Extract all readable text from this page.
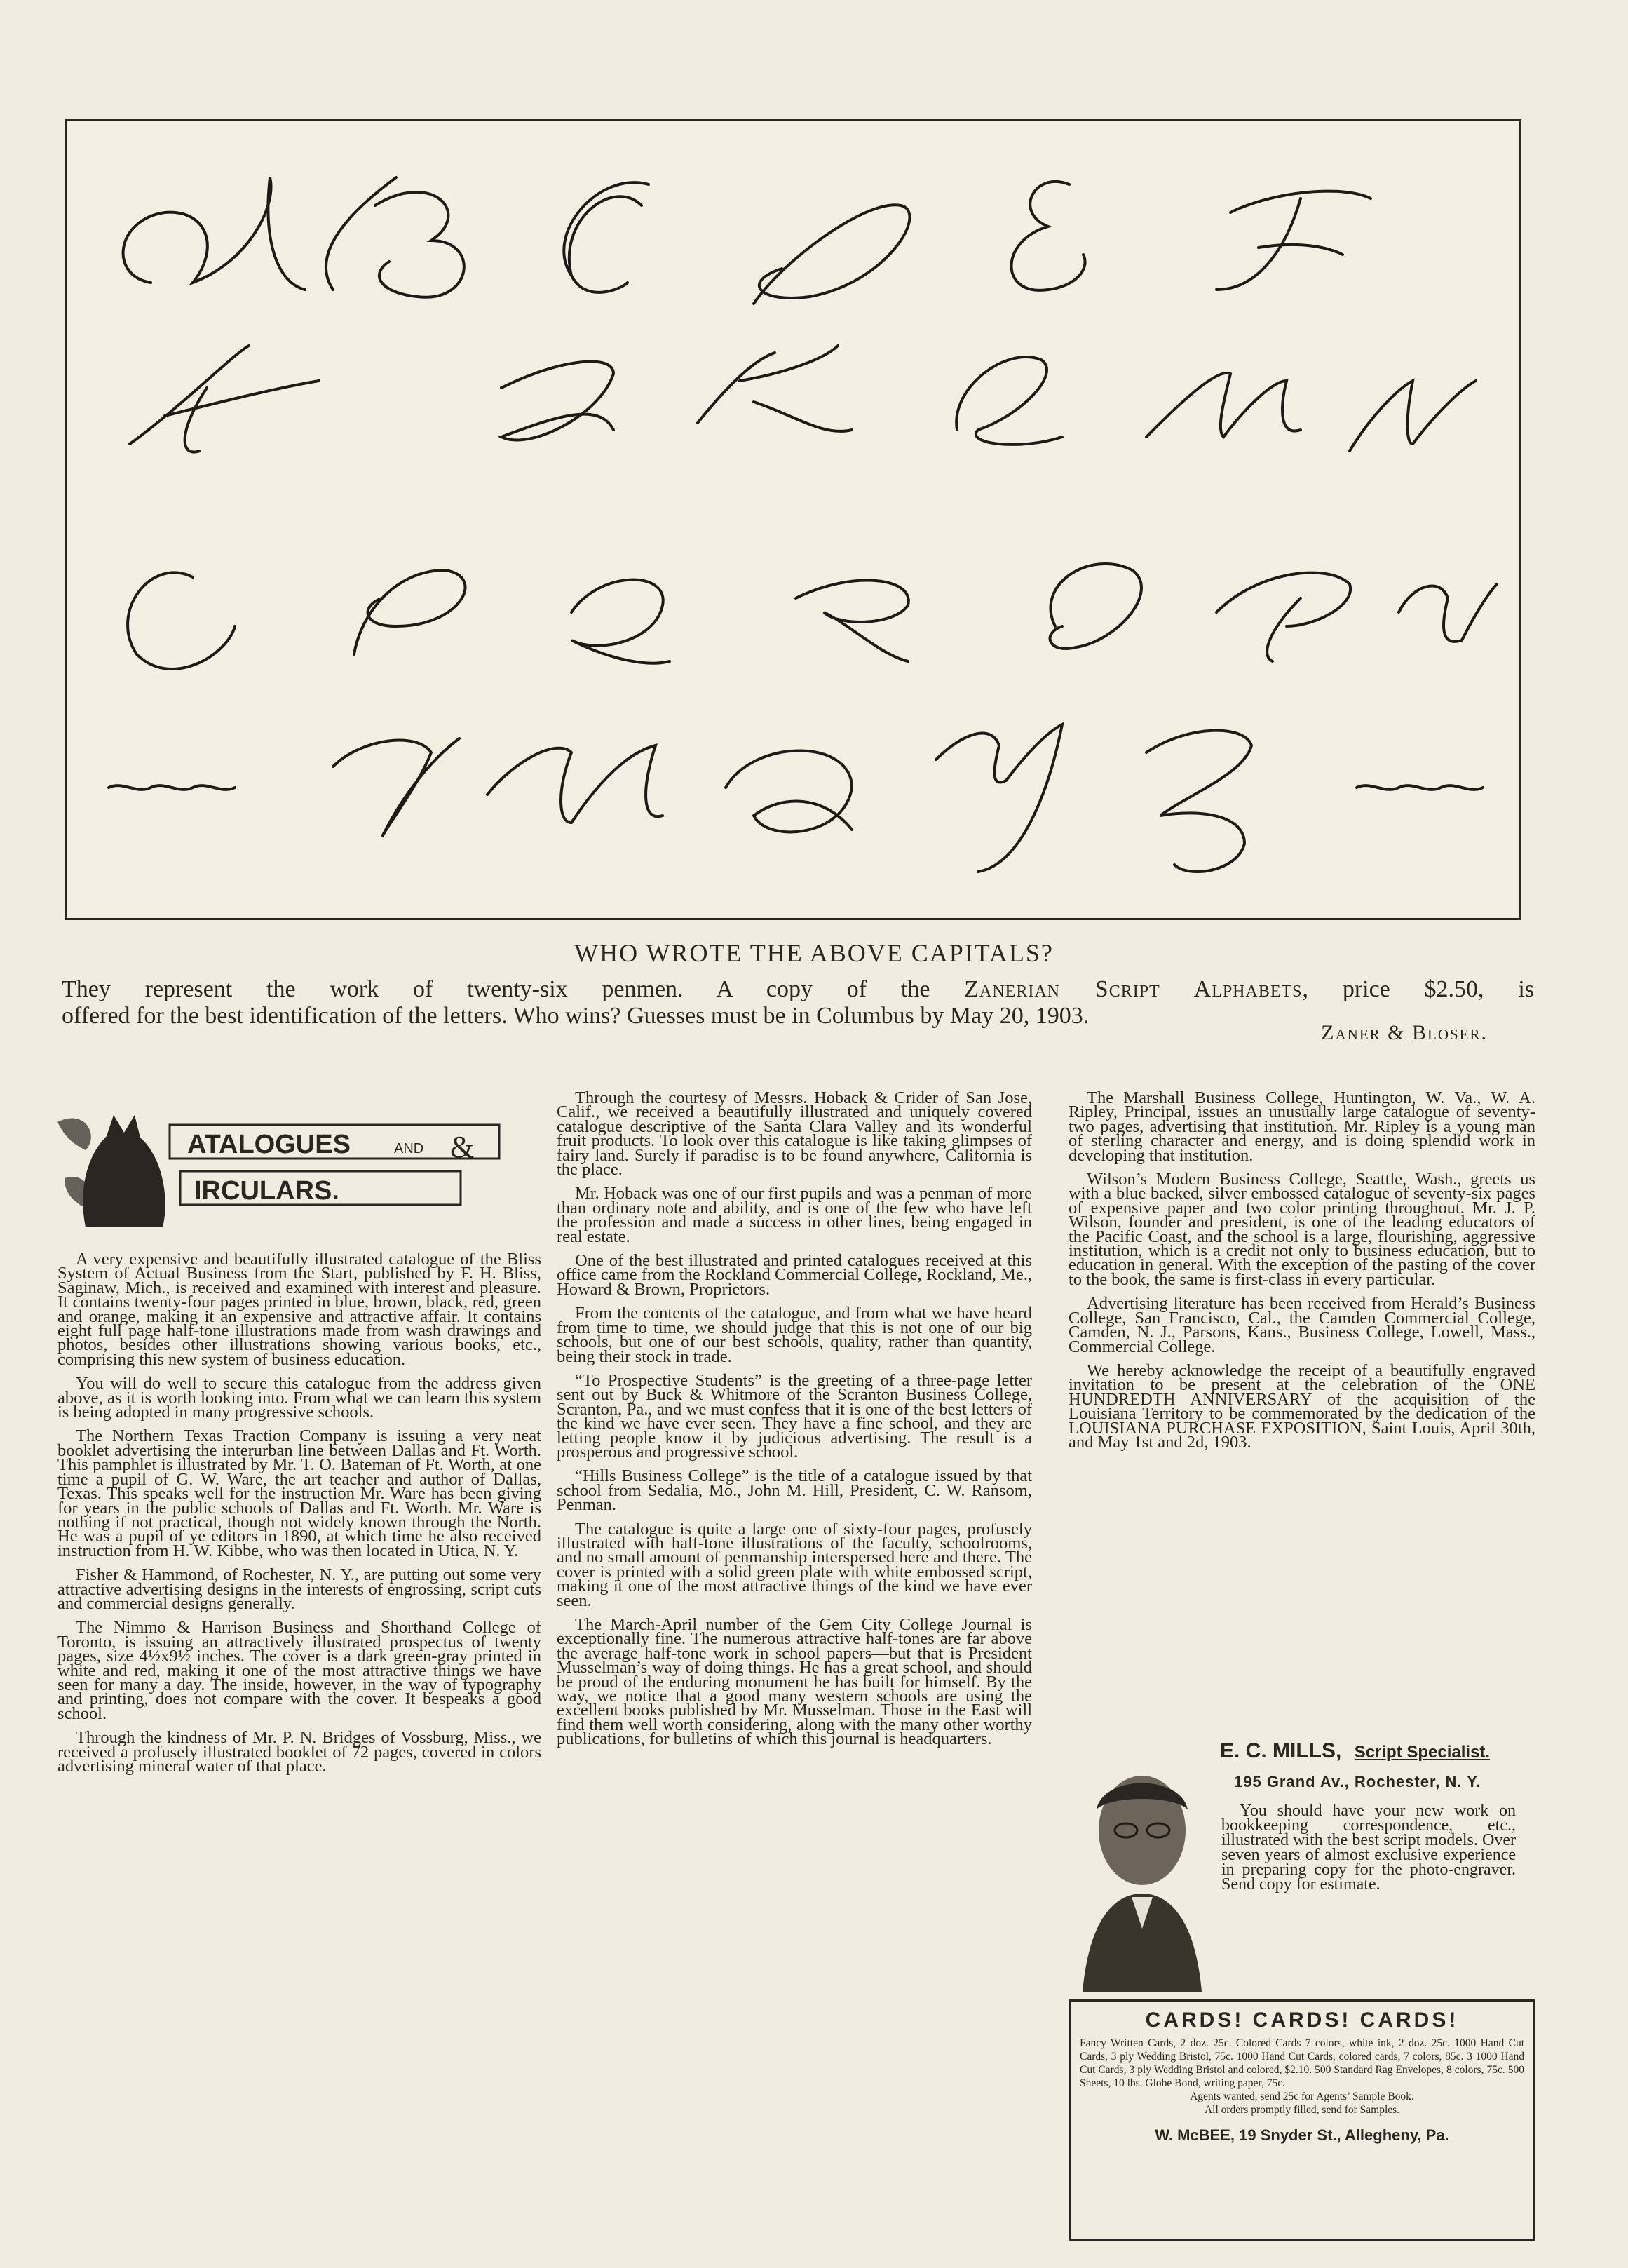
WHO WROTE THE ABOVE CAPITALS?
They represent the work of twenty-six penmen. A copy of the Zanerian Script Alphabets, price $2.50, is
offered for the best identification of the letters. Who wins? Guesses must be in Columbus by May 20, 1903.
Zaner & Bloser.
ATALOGUES	AND &
IRCULARS.

A very expensive and beautifully illustrated catalogue of the Bliss System of Actual Business from the Start, published by F. H. Bliss, Saginaw, Mich., is received and examined with interest and pleasure. It contains twenty-four pages printed in blue, brown, black, red, green and orange, making it an expensive and attractive affair. It contains eight full page half-tone illustrations made from wash drawings and photos, besides other illustrations showing various books, etc., comprising this new system of business education.

You will do well to secure this catalogue from the address given above, as it is worth looking into. From what we can learn this system is being adopted in many progressive schools.

The Northern Texas Traction Company is issuing a very neat booklet advertising the interurban line between Dallas and Ft. Worth. This pamphlet is illustrated by Mr. T. O. Bateman of Ft. Worth, at one time a pupil of G. W. Ware, the art teacher and author of Dallas, Texas. This speaks well for the instruction Mr. Ware has been giving for years in the public schools of Dallas and Ft. Worth. Mr. Ware is nothing if not practical, though not widely known through the North. He was a pupil of ye editors in 1890, at which time he also received instruction from H. W. Kibbe, who was then located in Utica, N. Y.

Fisher & Hammond, of Rochester, N. Y., are putting out some very attractive advertising designs in the interests of engrossing, script cuts and commercial designs generally.

The Nimmo & Harrison Business and Shorthand College of Toronto, is issuing an attractively illustrated prospectus of twenty pages, size 4½x9½ inches. The cover is a dark green-gray printed in white and red, making it one of the most attractive things we have seen for many a day. The inside, however, in the way of typography and printing, does not compare with the cover. It bespeaks a good school.

Through the kindness of Mr. P. N. Bridges of Vossburg, Miss., we received a profusely illustrated booklet of 72 pages, covered in colors advertising mineral water of that place.

Through the courtesy of Messrs. Hoback & Crider of San Jose, Calif., we received a beautifully illustrated and uniquely covered catalogue descriptive of the Santa Clara Valley and its wonderful fruit products. To look over this catalogue is like taking glimpses of fairy land. Surely if paradise is to be found anywhere, California is the place.

Mr. Hoback was one of our first pupils and was a penman of more than ordinary note and ability, and is one of the few who have left the profession and made a success in other lines, being engaged in real estate.

One of the best illustrated and printed catalogues received at this office came from the Rockland Commercial College, Rockland, Me., Howard & Brown, Proprietors.

From the contents of the catalogue, and from what we have heard from time to time, we should judge that this is not one of our big schools, but one of our best schools, quality, rather than quantity, being their stock in trade.

“To Prospective Students” is the greeting of a three-page letter sent out by Buck & Whitmore of the Scranton Business College, Scranton, Pa., and we must confess that it is one of the best letters of the kind we have ever seen. They have a fine school, and they are letting people know it by judicious advertising. The result is a prosperous and progressive school.

“Hills Business College” is the title of a catalogue issued by that school from Sedalia, Mo., John M. Hill, President, C. W. Ransom, Penman.

The catalogue is quite a large one of sixty-four pages, profusely illustrated with half-tone illustrations of the faculty, schoolrooms, and no small amount of penmanship interspersed here and there. The cover is printed with a solid green plate with white embossed script, making it one of the most attractive things of the kind we have ever seen.

The March-April number of the Gem City College Journal is exceptionally fine. The numerous attractive half-tones are far above the average half-tone work in school papers—but that is President Musselman’s way of doing things. He has a great school, and should be proud of the enduring monument he has built for himself. By the way, we notice that a good many western schools are using the excellent books published by Mr. Musselman. Those in the East will find them well worth considering, along with the many other worthy publications, for bulletins of which this journal is headquarters.

The Marshall Business College, Huntington, W. Va., W. A. Ripley, Principal, issues an unusually large catalogue of seventy-two pages, advertising that institution. Mr. Ripley is a young man of sterling character and energy, and is doing splendid work in developing that institution.

Wilson’s Modern Business College, Seattle, Wash., greets us with a blue backed, silver embossed catalogue of seventy-six pages of expensive paper and two color printing throughout. Mr. J. P. Wilson, founder and president, is one of the leading educators of the Pacific Coast, and the school is a large, flourishing, aggressive institution, which is a credit not only to business education, but to education in general. With the exception of the pasting of the cover to the book, the same is first-class in every particular.

Advertising literature has been received from Herald’s Business College, San Francisco, Cal., the Camden Commercial College, Camden, N. J., Parsons, Kans., Business College, Lowell, Mass., Commercial College.

We hereby acknowledge the receipt of a beautifully engraved invitation to be present at the celebration of the ONE HUNDREDTH ANNIVERSARY of the acquisition of the Louisiana Territory to be commemorated by the dedication of the LOUISIANA PURCHASE EXPOSITION, Saint Louis, April 30th, and May 1st and 2d, 1903.

E. C. MILLS, Script Specialist.
195 Grand Av., Rochester, N. Y.
You should have your new work on bookkeeping correspondence, etc., illustrated with the best script models. Over seven years of almost exclusive experience in preparing copy for the photo-engraver. Send copy for estimate.
CARDS! CARDS! CARDS!
Fancy Written Cards, 2 doz. 25c. Colored Cards 7 colors, white ink, 2 doz. 25c. 1000 Hand Cut Cards, 3 ply Wedding Bristol, 75c. 1000 Hand Cut Cards, colored cards, 7 colors, 85c. 3 1000 Hand Cut Cards, 3 ply Wedding Bristol and colored, $2.10. 500 Standard Rag Envelopes, 8 colors, 75c. 500 Sheets, 10 lbs. Globe Bond, writing paper, 75c.
Agents wanted, send 25c for Agents’ Sample Book.
All orders promptly filled, send for Samples.
W. McBEE, 19 Snyder St., Allegheny, Pa.
